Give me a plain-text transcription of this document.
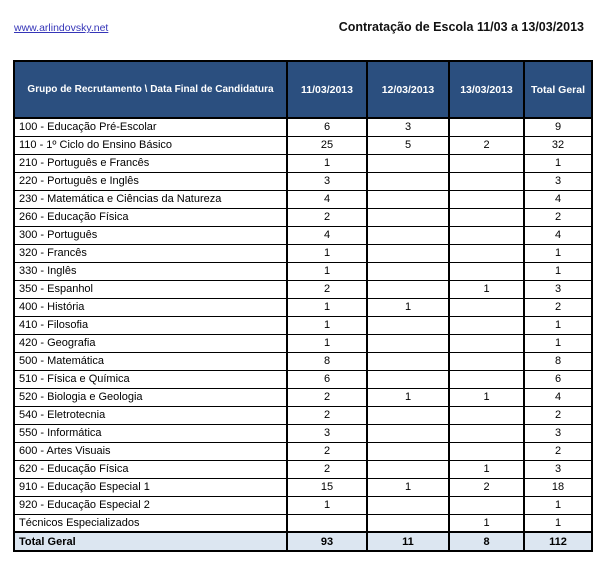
www.arlindovsky.net	Contratação de Escola 11/03 a 13/03/2013
Grupo de Recrutamento \ Data Final de Candidatura	11/03/2013	12/03/2013	13/03/2013	Total Geral
100 - Educação Pré-Escolar	6	3		9
110 - 1º Ciclo do Ensino Básico	25	5	2	32
210 - Português e Francês	1			1
220 - Português e Inglês	3			3
230 - Matemática e Ciências da Natureza	4			4
260 - Educação Física	2			2
300 - Português	4			4
320 - Francês	1			1
330 - Inglês	1			1
350 - Espanhol	2		1	3
400 - História	1	1		2
410 - Filosofia	1			1
420 - Geografia	1			1
500 - Matemática	8			8
510 - Física e Química	6			6
520 - Biologia e Geologia	2	1	1	4
540 - Eletrotecnia	2			2
550 - Informática	3			3
600 - Artes Visuais	2			2
620 - Educação Física	2		1	3
910 - Educação Especial 1	15	1	2	18
920 - Educação Especial 2	1			1
Técnicos Especializados			1	1
Total Geral	93	11	8	112
